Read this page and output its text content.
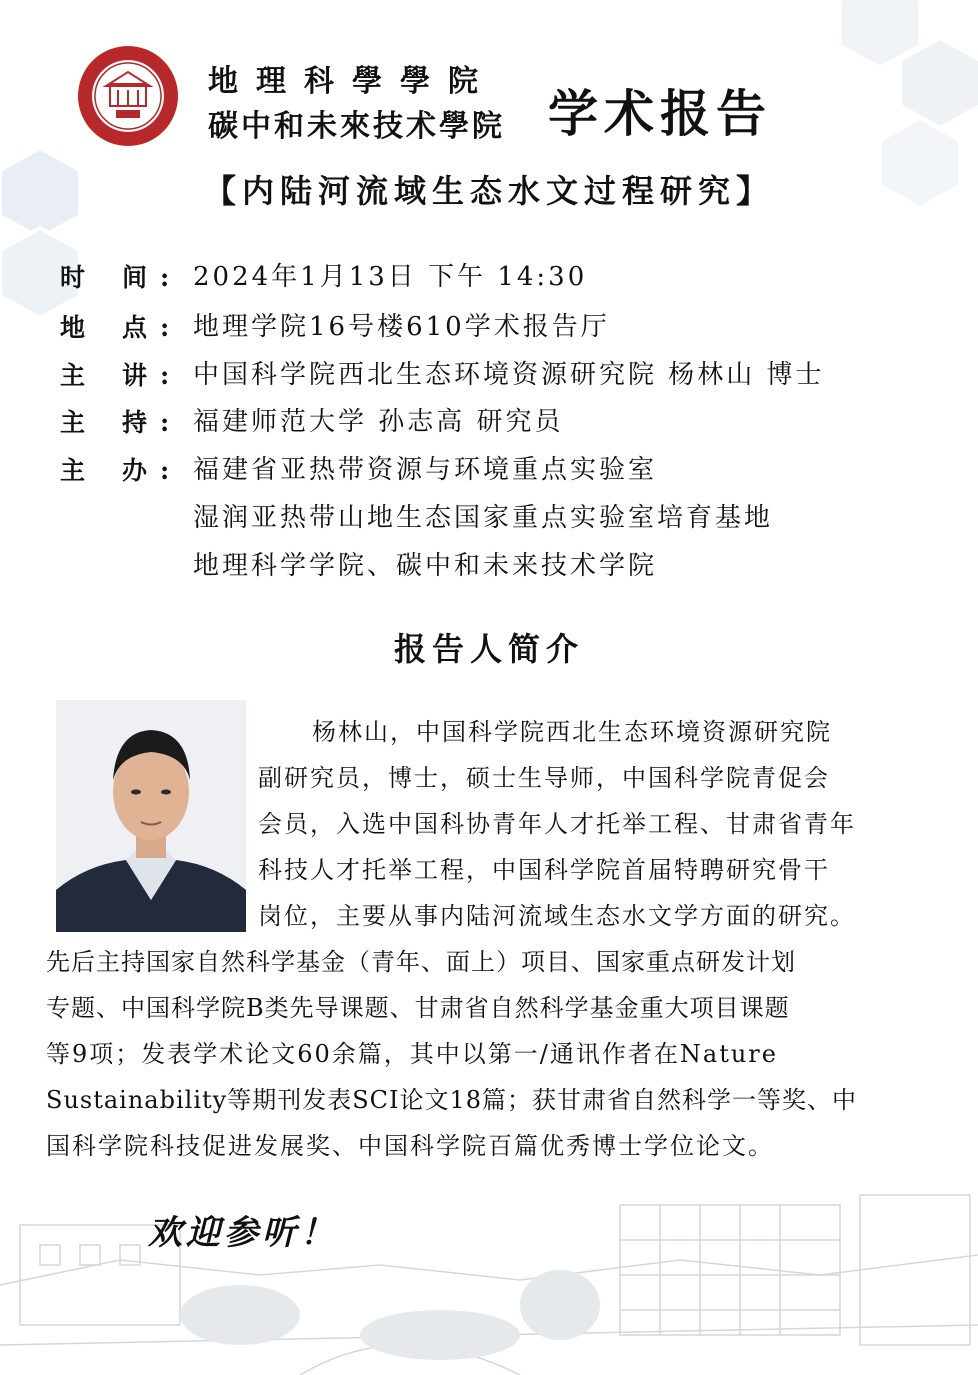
地理科學學院
碳中和未來技术學院 学术报告
【内陆河流域生态水文过程研究】
时 间 : 2024年1月13日 下午 14:30
地 点 : 地理学院16号楼610学术报告厅
主 讲 : 中国科学院西北生态环境资源研究院 杨林山 博士
主 持 : 福建师范大学 孙志高 研究员
主 办 : 福建省亚热带资源与环境重点实验室
湿润亚热带山地生态国家重点实验室培育基地
地理科学学院、碳中和未来技术学院
报告人简介
杨林山，中国科学院西北生态环境资源研究院
副研究员，博士，硕士生导师，中国科学院青促会
会员，入选中国科协青年人才托举工程、甘肃省青年
科技人才托举工程，中国科学院首届特聘研究骨干
岗位，主要从事内陆河流域生态水文学方面的研究。
先后主持国家自然科学基金（青年、面上）项目、国家重点研发计划
专题、中国科学院B类先导课题、甘肃省自然科学基金重大项目课题
等9项；发表学术论文60余篇，其中以第一/通讯作者在Nature
Sustainability等期刊发表SCI论文18篇；获甘肃省自然科学一等奖、中
国科学院科技促进发展奖、中国科学院百篇优秀博士学位论文。
欢迎参听！
